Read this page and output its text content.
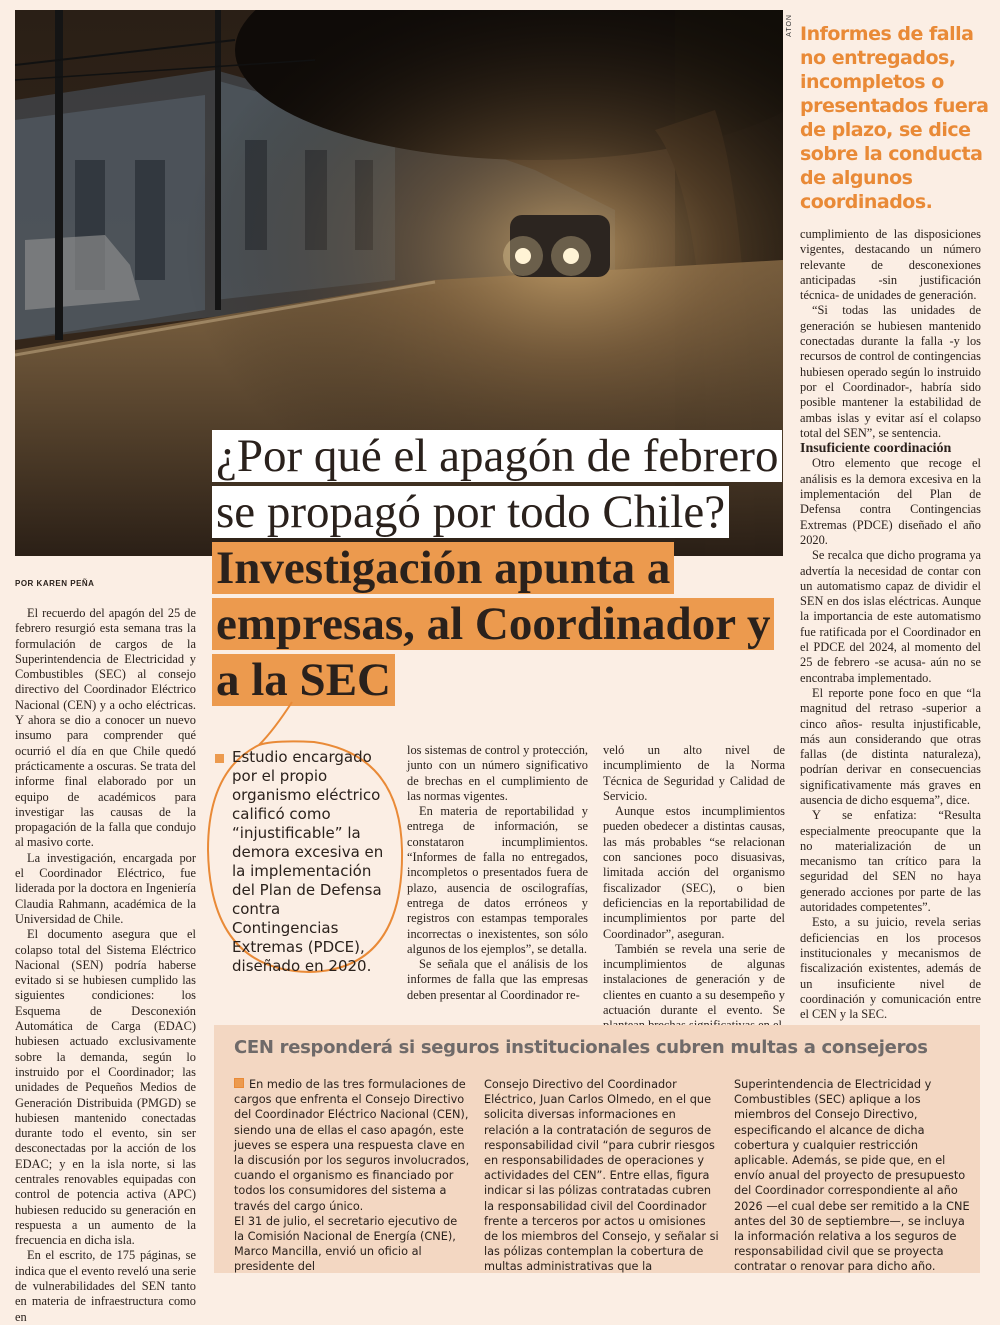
ATON Informes de falla no entregados, incompletos o presentados fuera de plazo, se dice sobre la conducta de algunos coordinados.
¿Por qué el apagón de febrero se propagó por todo Chile? Investigación apunta a empresas, al Coordinador y a la SEC
POR KAREN PEÑA

El recuerdo del apagón del 25 de febrero resurgió esta semana tras la formulación de cargos de la Superintendencia de Electricidad y Combustibles (SEC) al consejo directivo del Coordinador Eléctrico Nacional (CEN) y a ocho eléctricas. Y ahora se dio a conocer un nuevo insumo para comprender qué ocurrió el día en que Chile quedó prácticamente a oscuras. Se trata del informe final elaborado por un equipo de académicos para investigar las causas de la propagación de la falla que condujo al masivo corte.

La investigación, encargada por el Coordinador Eléctrico, fue liderada por la doctora en Ingeniería Claudia Rahmann, académica de la Universidad de Chile.

El documento asegura que el colapso total del Sistema Eléctrico Nacional (SEN) podría haberse evitado si se hubiesen cumplido las siguientes condiciones: los Esquema de Desconexión Automática de Carga (EDAC) hubiesen actuado exclusivamente sobre la demanda, según lo instruido por el Coordinador; las unidades de Pequeños Medios de Generación Distribuida (PMGD) se hubiesen mantenido conectadas durante todo el evento, sin ser desconectadas por la acción de los EDAC; y en la isla norte, si las centrales renovables equipadas con control de potencia activa (APC) hubiesen reducido su generación en respuesta a un aumento de la frecuencia en dicha isla.

En el escrito, de 175 páginas, se indica que el evento reveló una serie de vulnerabilidades del SEN tanto en materia de infraestructura como en

Estudio encargado por el propio organismo eléctrico calificó como “injustificable” la demora excesiva en la implementación del Plan de Defensa contra Contingencias Extremas (PDCE), diseñado en 2020.

los sistemas de control y protección, junto con un número significativo de brechas en el cumplimiento de las normas vigentes.

En materia de reportabilidad y entrega de información, se constataron incumplimientos. “Informes de falla no entregados, incompletos o presentados fuera de plazo, ausencia de oscilografías, entrega de datos erróneos y registros con estampas temporales incorrectas o inexistentes, son sólo algunos de los ejemplos”, se detalla.

Se señala que el análisis de los informes de falla que las empresas deben presentar al Coordinador re-

veló un alto nivel de incumplimiento de la Norma Técnica de Seguridad y Calidad de Servicio.

Aunque estos incumplimientos pueden obedecer a distintas causas, las más probables “se relacionan con sanciones poco disuasivas, limitada acción del organismo fiscalizador (SEC), o bien deficiencias en la reportabilidad de incumplimientos por parte del Coordinador”, aseguran.

También se revela una serie de incumplimientos de algunas instalaciones de generación y de clientes en cuanto a su desempeño y actuación durante el evento. Se

cumplimiento de las disposiciones vigentes, destacando un número relevante de desconexiones anticipadas -sin justificación técnica- de unidades de generación.

“Si todas las unidades de generación se hubiesen mantenido conectadas durante la falla -y los recursos de control de contingencias hubiesen operado según lo instruido por el Coordinador-, habría sido posible mantener la estabilidad de ambas islas y evitar así el colapso total del SEN”, se sentencia.

Insuficiente coordinación

Otro elemento que recoge el análisis es la demora excesiva en la implementación del Plan de Defensa contra Contingencias Extremas (PDCE) diseñado el año 2020.

Se recalca que dicho programa ya advertía la necesidad de contar con un automatismo capaz de dividir el SEN en dos islas eléctricas. Aunque la importancia de este automatismo fue ratificada por el Coordinador en el PDCE del 2024, al momento del 25 de febrero -se acusa- aún no se encontraba implementado.

El reporte pone foco en que “la magnitud del retraso -superior a cinco años- resulta injustificable, más aun considerando que otras fallas (de distinta naturaleza), podrían derivar en consecuencias significativamente más graves en ausencia de dicho esquema”, dice.

Y se enfatiza: “Resulta especialmente preocupante que la no materialización de un mecanismo tan crítico para la seguridad del SEN no haya generado acciones por parte de las autoridades competentes”.

Esto, a su juicio, revela serias deficiencias en los procesos institucionales y mecanismos de fiscalización existentes, además de un insuficiente nivel de coordinación y comunicación entre el CEN y la SEC.

CEN responderá si seguros institucionales cubren multas a consejeros

En medio de las tres formulaciones de cargos que enfrenta el Consejo Directivo del Coordinador Eléctrico Nacional (CEN), siendo una de ellas el caso apagón, este jueves se espera una respuesta clave en la discusión por los seguros involucrados, cuando el organismo es financiado por todos los consumidores del sistema a través del cargo único.

El 31 de julio, el secretario ejecutivo de la Comisión Nacional de Energía (CNE), Marco Mancilla, envió un oficio al presidente del

Consejo Directivo del Coordinador Eléctrico, Juan Carlos Olmedo, en el que solicita diversas informaciones en relación a la contratación de seguros de responsabilidad civil “para cubrir riesgos en responsabilidades de operaciones y actividades del CEN”. Entre ellas, figura indicar si las pólizas contratadas cubren la responsabilidad civil del Coordinador frente a terceros por actos u omisiones de los miembros del Consejo, y señalar si las pólizas contemplan la cobertura de multas administrativas que la

Superintendencia de Electricidad y Combustibles (SEC) aplique a los miembros del Consejo Directivo, especificando el alcance de dicha cobertura y cualquier restricción aplicable. Además, se pide que, en el envío anual del proyecto de presupuesto del Coordinador correspondiente al año 2026 —el cual debe ser remitido a la CNE antes del 30 de septiembre—, se incluya la información relativa a los seguros de responsabilidad civil que se proyecta contratar o renovar para dicho año.
